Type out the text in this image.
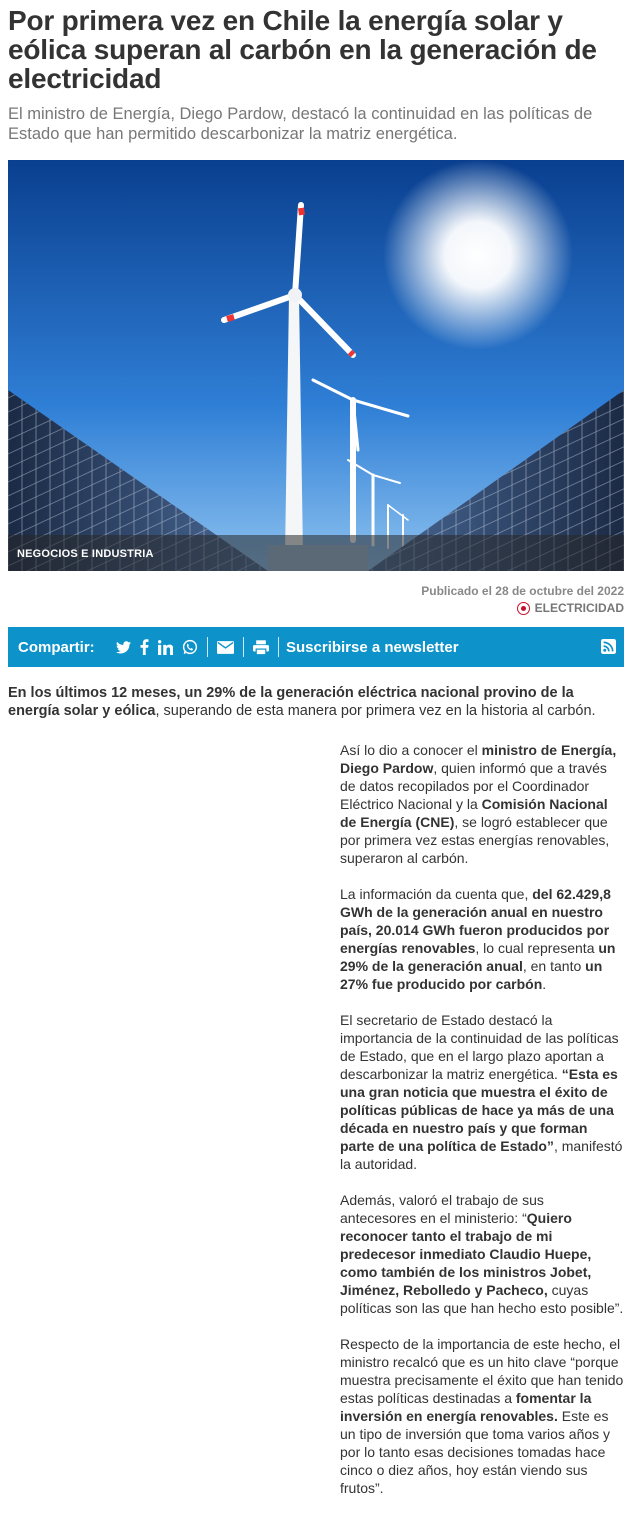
Por primera vez en Chile la energía solar y eólica superan al carbón en la generación de electricidad

El ministro de Energía, Diego Pardow, destacó la continuidad en las políticas de Estado que han permitido descarbonizar la matriz energética.

NEGOCIOS E INDUSTRIA
Publicado el 28 de octubre del 2022
ELECTRICIDAD
Compartir:	Suscribirse a newsletter

En los últimos 12 meses, un 29% de la generación eléctrica nacional provino de la energía solar y eólica, superando de esta manera por primera vez en la historia al carbón.

Así lo dio a conocer el ministro de Energía, Diego Pardow, quien informó que a través de datos recopilados por el Coordinador Eléctrico Nacional y la Comisión Nacional de Energía (CNE), se logró establecer que por primera vez estas energías renovables, superaron al carbón.

La información da cuenta que, del 62.429,8 GWh de la generación anual en nuestro país, 20.014 GWh fueron producidos por energías renovables, lo cual representa un 29% de la generación anual, en tanto un 27% fue producido por carbón.

El secretario de Estado destacó la importancia de la continuidad de las políticas de Estado, que en el largo plazo aportan a descarbonizar la matriz energética. “Esta es una gran noticia que muestra el éxito de políticas públicas de hace ya más de una década en nuestro país y que forman parte de una política de Estado”, manifestó la autoridad.

Además, valoró el trabajo de sus antecesores en el ministerio: “Quiero reconocer tanto el trabajo de mi predecesor inmediato Claudio Huepe, como también de los ministros Jobet, Jiménez, Rebolledo y Pacheco, cuyas políticas son las que han hecho esto posible”.

Respecto de la importancia de este hecho, el ministro recalcó que es un hito clave “porque muestra precisamente el éxito que han tenido estas políticas destinadas a fomentar la inversión en energía renovables. Este es un tipo de inversión que toma varios años y por lo tanto esas decisiones tomadas hace cinco o diez años, hoy están viendo sus frutos”.
